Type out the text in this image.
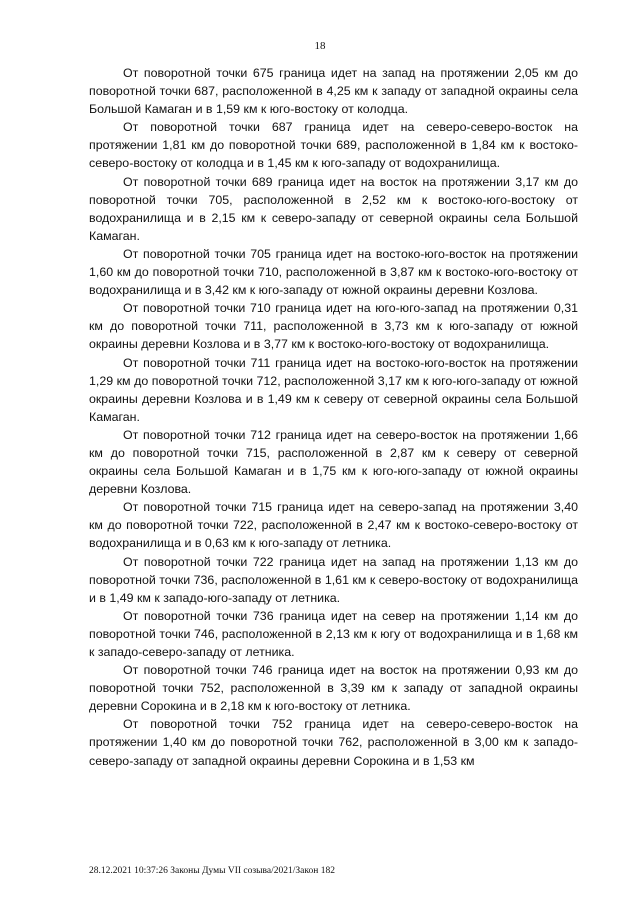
18

От поворотной точки 675 граница идет на запад на протяжении 2,05 км до поворотной точки 687, расположенной в 4,25 км к западу от западной окраины села Большой Камаган и в 1,59 км к юго-востоку от колодца.

От поворотной точки 687 граница идет на северо-северо-восток на протяжении 1,81 км до поворотной точки 689, расположенной в 1,84 км к востоко-северо-востоку от колодца и в 1,45 км к юго-западу от водохранилища.

От поворотной точки 689 граница идет на восток на протяжении 3,17 км до поворотной точки 705, расположенной в 2,52 км к востоко-юго-востоку от водохранилища и в 2,15 км к северо-западу от северной окраины села Большой Камаган.

От поворотной точки 705 граница идет на востоко-юго-восток на протяжении 1,60 км до поворотной точки 710, расположенной в 3,87 км к востоко-юго-востоку от водохранилища и в 3,42 км к юго-западу от южной окраины деревни Козлова.

От поворотной точки 710 граница идет на юго-юго-запад на протяжении 0,31 км до поворотной точки 711, расположенной в 3,73 км к юго-западу от южной окраины деревни Козлова и в 3,77 км к востоко-юго-востоку от водохранилища.

От поворотной точки 711 граница идет на востоко-юго-восток на протяжении 1,29 км до поворотной точки 712, расположенной 3,17 км к юго-юго-западу от южной окраины деревни Козлова и в 1,49 км к северу от северной окраины села Большой Камаган.

От поворотной точки 712 граница идет на северо-восток на протяжении 1,66 км до поворотной точки 715, расположенной в 2,87 км к северу от северной окраины села Большой Камаган и в 1,75 км к юго-юго-западу от южной окраины деревни Козлова.

От поворотной точки 715 граница идет на северо-запад на протяжении 3,40 км до поворотной точки 722, расположенной в 2,47 км к востоко-северо-востоку от водохранилища и в 0,63 км к юго-западу от летника.

От поворотной точки 722 граница идет на запад на протяжении 1,13 км до поворотной точки 736, расположенной в 1,61 км к северо-востоку от водохранилища и в 1,49 км к западо-юго-западу от летника.

От поворотной точки 736 граница идет на север на протяжении 1,14 км до поворотной точки 746, расположенной в 2,13 км к югу от водохранилища и в 1,68 км к западо-северо-западу от летника.

От поворотной точки 746 граница идет на восток на протяжении 0,93 км до поворотной точки 752, расположенной в 3,39 км к западу от западной окраины деревни Сорокина и в 2,18 км к юго-востоку от летника.

От поворотной точки 752 граница идет на северо-северо-восток на протяжении 1,40 км до поворотной точки 762, расположенной в 3,00 км к западо-северо-западу от западной окраины деревни Сорокина и в 1,53 км

28.12.2021 10:37:26 Законы Думы VII созыва/2021/Закон 182
